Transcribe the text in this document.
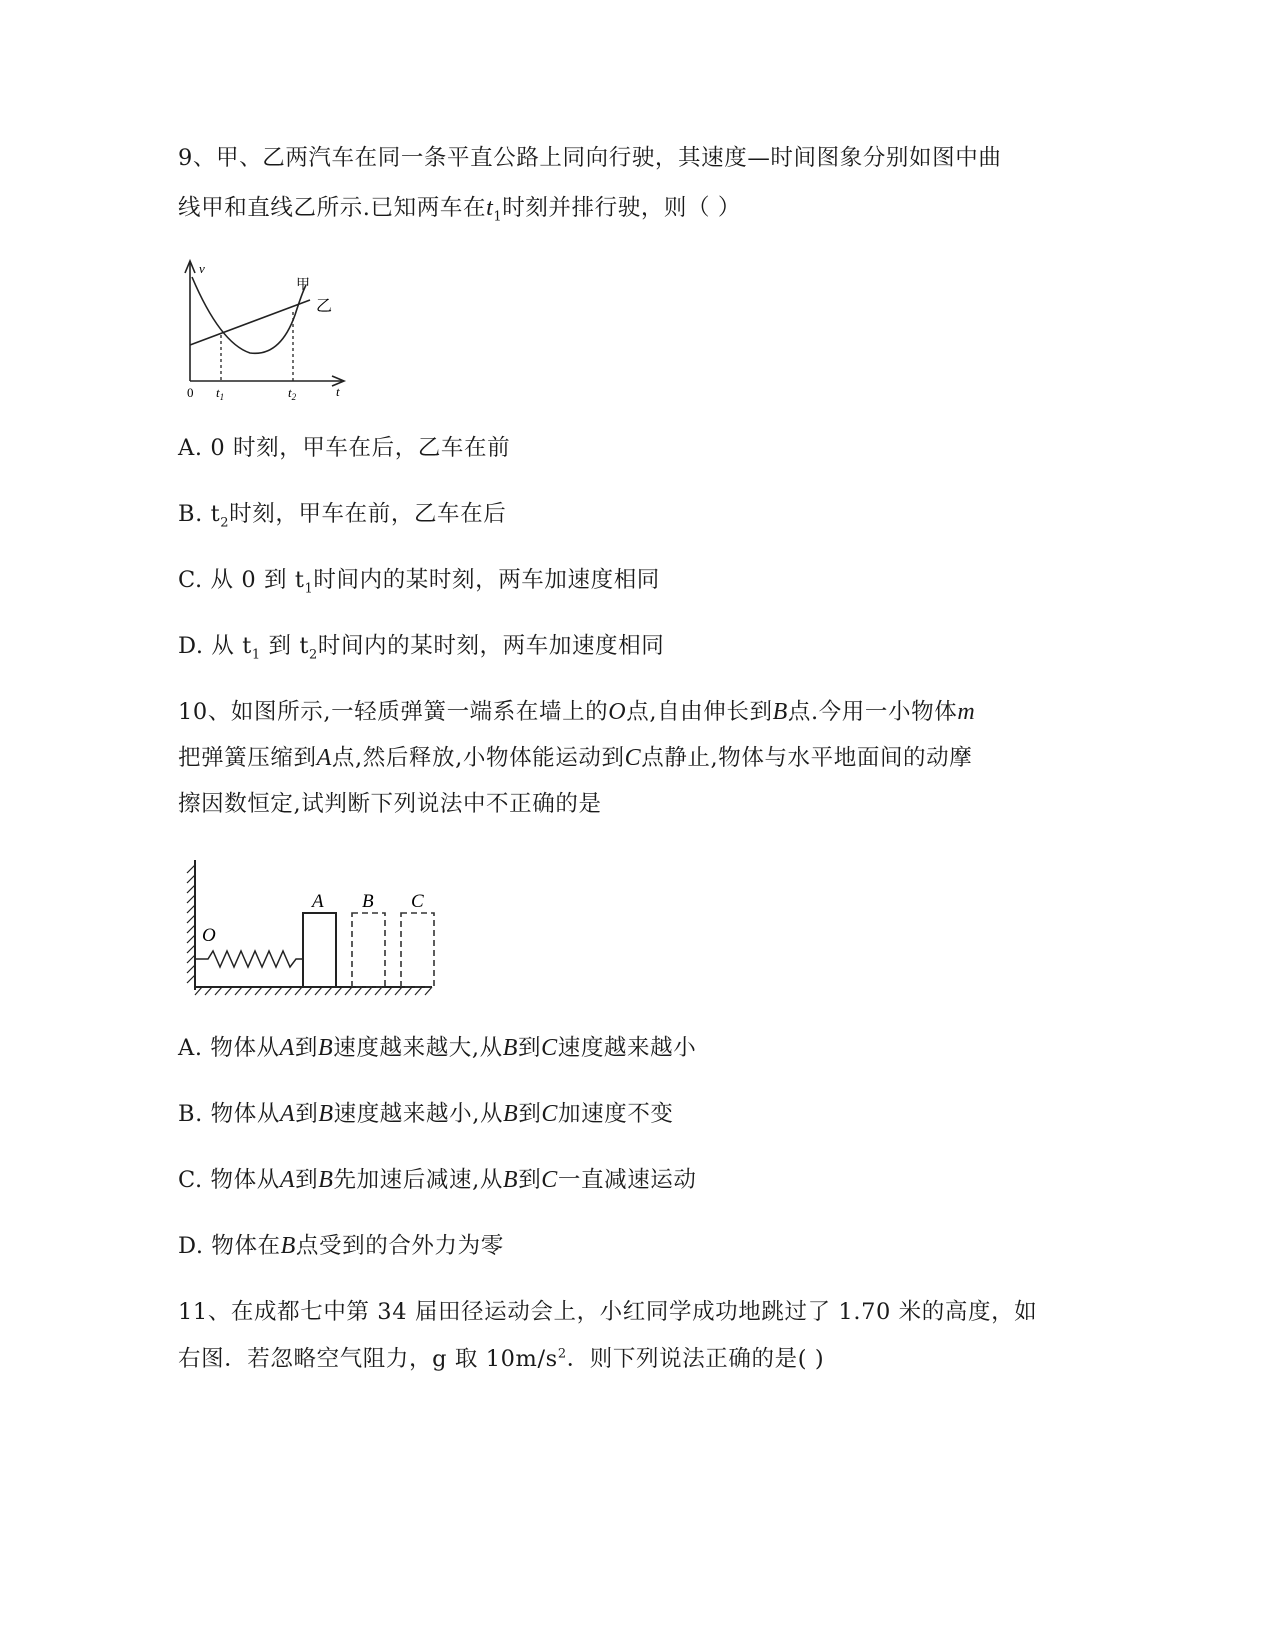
9、甲、乙两汽车在同一条平直公路上同向行驶，其速度—时间图象分别如图中曲
线甲和直线乙所示.已知两车在$t_1$时刻并排行驶，则（ ）
v
0 $t_1$	$t_2$	t
甲
乙
A. 0 时刻，甲车在后，乙车在前
B. $t_2$时刻，甲车在前，乙车在后
C. 从 0 到 $t_1$时间内的某时刻，两车加速度相同
D. 从 $t_1$ 到 $t_2$时间内的某时刻，两车加速度相同
10、如图所示,一轻质弹簧一端系在墙上的O点,自由伸长到B点.今用一小物体m
把弹簧压缩到A点,然后释放,小物体能运动到C点静止,物体与水平地面间的动摩
擦因数恒定,试判断下列说法中不正确的是
O
A B C
A. 物体从A到B速度越来越大,从B到C速度越来越小
B. 物体从A到B速度越来越小,从B到C加速度不变
C. 物体从A到B先加速后减速,从B到C一直减速运动
D. 物体在B点受到的合外力为零
11、在成都七中第 34 届田径运动会上，小红同学成功地跳过了 1.70 米的高度，如
右图．若忽略空气阻力，g 取 $10m/s^2$．则下列说法正确的是( )
